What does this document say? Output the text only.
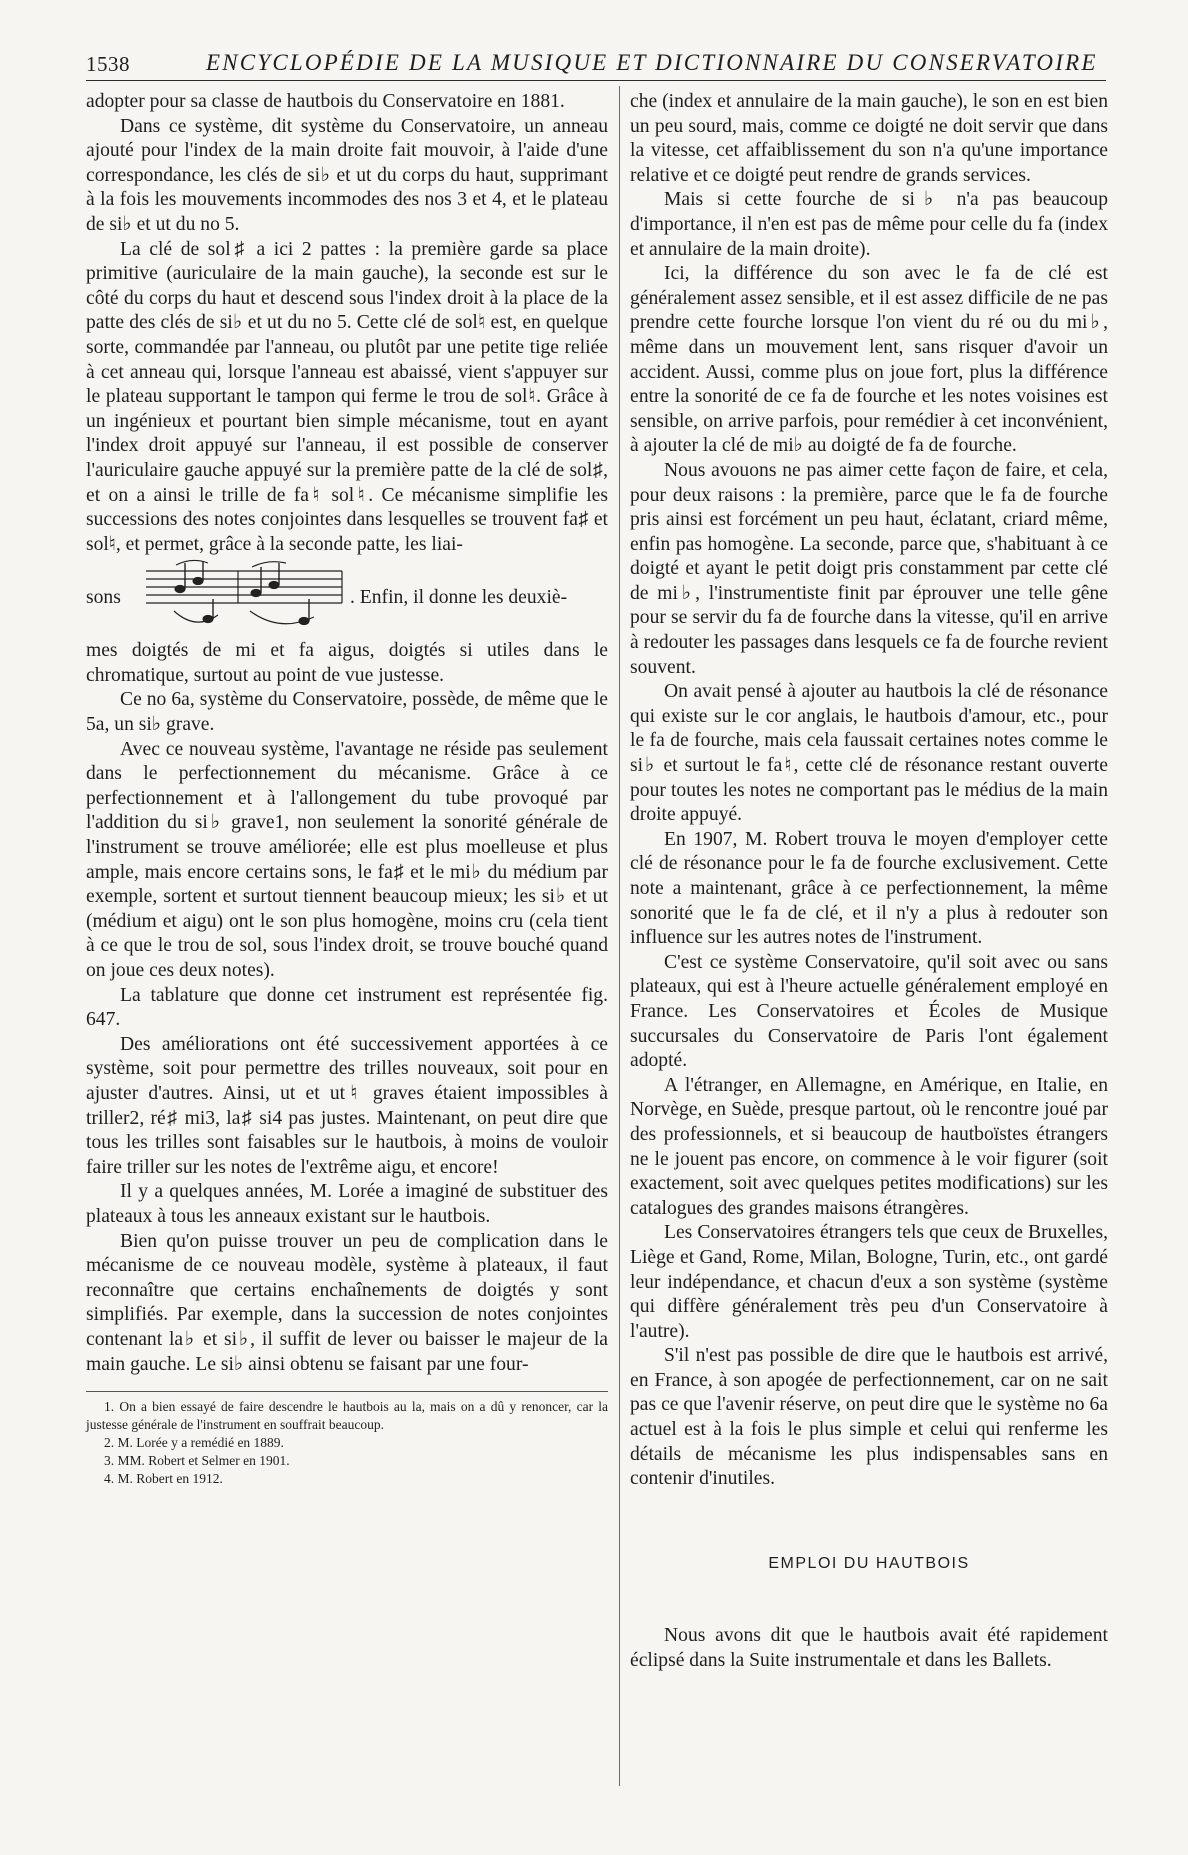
1538	ENCYCLOPÉDIE DE LA MUSIQUE ET DICTIONNAIRE DU CONSERVATOIRE

adopter pour sa classe de hautbois du Conservatoire en 1881.

Dans ce système, dit système du Conservatoire, un anneau ajouté pour l'index de la main droite fait mouvoir, à l'aide d'une correspondance, les clés de si♭ et ut du corps du haut, supprimant à la fois les mouvements incommodes des nos 3 et 4, et le plateau de si♭ et ut du no 5.

La clé de sol♯ a ici 2 pattes : la première garde sa place primitive (auriculaire de la main gauche), la seconde est sur le côté du corps du haut et descend sous l'index droit à la place de la patte des clés de si♭ et ut du no 5. Cette clé de sol♮ est, en quelque sorte, commandée par l'anneau, ou plutôt par une petite tige reliée à cet anneau qui, lorsque l'anneau est abaissé, vient s'appuyer sur le plateau supportant le tampon qui ferme le trou de sol♮. Grâce à un ingénieux et pourtant bien simple mécanisme, tout en ayant l'index droit appuyé sur l'anneau, il est possible de conserver l'auriculaire gauche appuyé sur la première patte de la clé de sol♯, et on a ainsi le trille de fa♮ sol♮. Ce mécanisme simplifie les successions des notes conjointes dans lesquelles se trouvent fa♯ et sol♮, et permet, grâce à la seconde patte, les liai-

sons	. Enfin, il donne les deuxiè-

mes doigtés de mi et fa aigus, doigtés si utiles dans le chromatique, surtout au point de vue justesse.

Ce no 6a, système du Conservatoire, possède, de même que le 5a, un si♭ grave.

Avec ce nouveau système, l'avantage ne réside pas seulement dans le perfectionnement du mécanisme. Grâce à ce perfectionnement et à l'allongement du tube provoqué par l'addition du si♭ grave1, non seulement la sonorité générale de l'instrument se trouve améliorée; elle est plus moelleuse et plus ample, mais encore certains sons, le fa♯ et le mi♭ du médium par exemple, sortent et surtout tiennent beaucoup mieux; les si♭ et ut (médium et aigu) ont le son plus homogène, moins cru (cela tient à ce que le trou de sol, sous l'index droit, se trouve bouché quand on joue ces deux notes).

La tablature que donne cet instrument est représentée fig. 647.

Des améliorations ont été successivement apportées à ce système, soit pour permettre des trilles nouveaux, soit pour en ajuster d'autres. Ainsi, ut et ut♮ graves étaient impossibles à triller2, ré♯ mi3, la♯ si4 pas justes. Maintenant, on peut dire que tous les trilles sont faisables sur le hautbois, à moins de vouloir faire triller sur les notes de l'extrême aigu, et encore!

Il y a quelques années, M. Lorée a imaginé de substituer des plateaux à tous les anneaux existant sur le hautbois.

Bien qu'on puisse trouver un peu de complication dans le mécanisme de ce nouveau modèle, système à plateaux, il faut reconnaître que certains enchaînements de doigtés y sont simplifiés. Par exemple, dans la succession de notes conjointes contenant la♭ et si♭, il suffit de lever ou baisser le majeur de la main gauche. Le si♭ ainsi obtenu se faisant par une four-

1. On a bien essayé de faire descendre le hautbois au la, mais on a dû y renoncer, car la justesse générale de l'instrument en souffrait beaucoup.

2. M. Lorée y a remédié en 1889.

3. MM. Robert et Selmer en 1901.

4. M. Robert en 1912.

che (index et annulaire de la main gauche), le son en est bien un peu sourd, mais, comme ce doigté ne doit servir que dans la vitesse, cet affaiblissement du son n'a qu'une importance relative et ce doigté peut rendre de grands services.

Mais si cette fourche de si♭ n'a pas beaucoup d'importance, il n'en est pas de même pour celle du fa (index et annulaire de la main droite).

Ici, la différence du son avec le fa de clé est généralement assez sensible, et il est assez difficile de ne pas prendre cette fourche lorsque l'on vient du ré ou du mi♭, même dans un mouvement lent, sans risquer d'avoir un accident. Aussi, comme plus on joue fort, plus la différence entre la sonorité de ce fa de fourche et les notes voisines est sensible, on arrive parfois, pour remédier à cet inconvénient, à ajouter la clé de mi♭ au doigté de fa de fourche.

Nous avouons ne pas aimer cette façon de faire, et cela, pour deux raisons : la première, parce que le fa de fourche pris ainsi est forcément un peu haut, éclatant, criard même, enfin pas homogène. La seconde, parce que, s'habituant à ce doigté et ayant le petit doigt pris constamment par cette clé de mi♭, l'instrumentiste finit par éprouver une telle gêne pour se servir du fa de fourche dans la vitesse, qu'il en arrive à redouter les passages dans lesquels ce fa de fourche revient souvent.

On avait pensé à ajouter au hautbois la clé de résonance qui existe sur le cor anglais, le hautbois d'amour, etc., pour le fa de fourche, mais cela faussait certaines notes comme le si♭ et surtout le fa♮, cette clé de résonance restant ouverte pour toutes les notes ne comportant pas le médius de la main droite appuyé.

En 1907, M. Robert trouva le moyen d'employer cette clé de résonance pour le fa de fourche exclusivement. Cette note a maintenant, grâce à ce perfectionnement, la même sonorité que le fa de clé, et il n'y a plus à redouter son influence sur les autres notes de l'instrument.

C'est ce système Conservatoire, qu'il soit avec ou sans plateaux, qui est à l'heure actuelle généralement employé en France. Les Conservatoires et Écoles de Musique succursales du Conservatoire de Paris l'ont également adopté.

A l'étranger, en Allemagne, en Amérique, en Italie, en Norvège, en Suède, presque partout, où le rencontre joué par des professionnels, et si beaucoup de hautboïstes étrangers ne le jouent pas encore, on commence à le voir figurer (soit exactement, soit avec quelques petites modifications) sur les catalogues des grandes maisons étrangères.

Les Conservatoires étrangers tels que ceux de Bruxelles, Liège et Gand, Rome, Milan, Bologne, Turin, etc., ont gardé leur indépendance, et chacun d'eux a son système (système qui diffère généralement très peu d'un Conservatoire à l'autre).

S'il n'est pas possible de dire que le hautbois est arrivé, en France, à son apogée de perfectionnement, car on ne sait pas ce que l'avenir réserve, on peut dire que le système no 6a actuel est à la fois le plus simple et celui qui renferme les détails de mécanisme les plus indispensables sans en contenir d'inutiles.

EMPLOI DU HAUTBOIS

Nous avons dit que le hautbois avait été rapidement éclipsé dans la Suite instrumentale et dans les Ballets.
